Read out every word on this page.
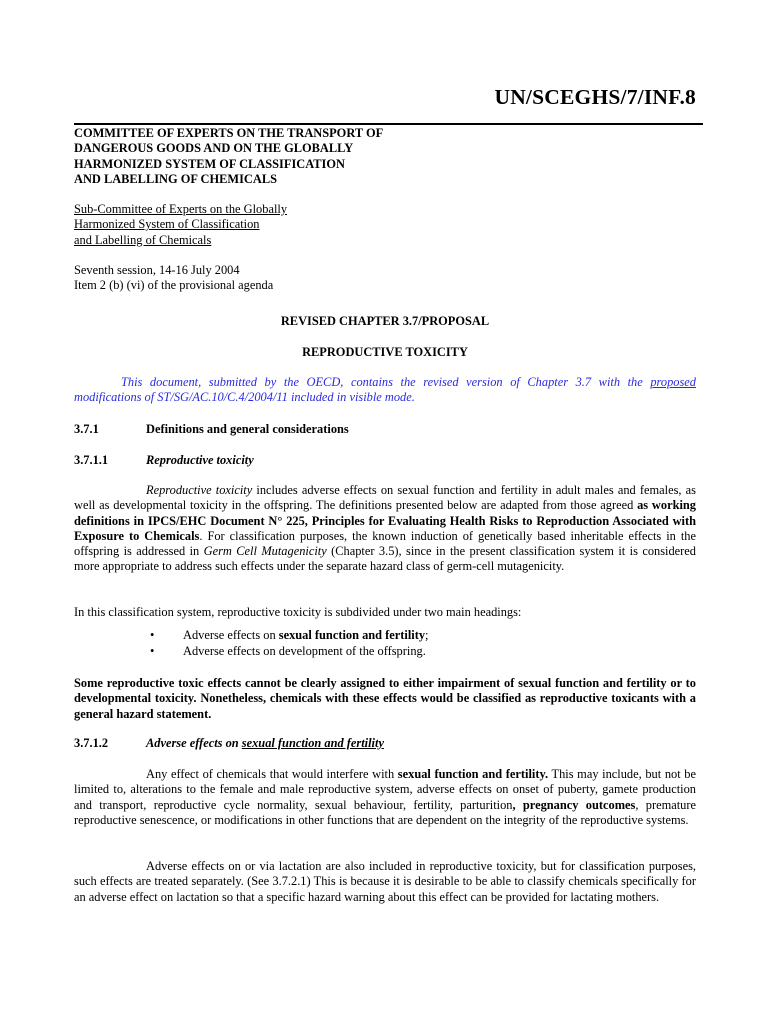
UN/SCEGHS/7/INF.8
COMMITTEE OF EXPERTS ON THE TRANSPORT OF
DANGEROUS GOODS AND ON THE GLOBALLY
HARMONIZED SYSTEM OF CLASSIFICATION
AND LABELLING OF CHEMICALS
Sub-Committee of Experts on the Globally
Harmonized System of Classification
and Labelling of Chemicals
Seventh session, 14-16 July 2004
Item 2 (b) (vi) of the provisional agenda
REVISED CHAPTER 3.7/PROPOSAL
REPRODUCTIVE TOXICITY
This document, submitted by the OECD, contains the revised version of Chapter 3.7 with the proposed modifications of ST/SG/AC.10/C.4/2004/11 included in visible mode.
3.7.1	Definitions and general considerations
3.7.1.1	Reproductive toxicity
Reproductive toxicity includes adverse effects on sexual function and fertility in adult males and females, as well as developmental toxicity in the offspring. The definitions presented below are adapted from those agreed as working definitions in IPCS/EHC Document N° 225, Principles for Evaluating Health Risks to Reproduction Associated with Exposure to Chemicals. For classification purposes, the known induction of genetically based inheritable effects in the offspring is addressed in Germ Cell Mutagenicity (Chapter 3.5), since in the present classification system it is considered more appropriate to address such effects under the separate hazard class of germ-cell mutagenicity.
In this classification system, reproductive toxicity is subdivided under two main headings:
•	Adverse effects on sexual function and fertility;
•	Adverse effects on development of the offspring.
Some reproductive toxic effects cannot be clearly assigned to either impairment of sexual function and fertility or to developmental toxicity. Nonetheless, chemicals with these effects would be classified as reproductive toxicants with a general hazard statement.
3.7.1.2	Adverse effects on sexual function and fertility
Any effect of chemicals that would interfere with sexual function and fertility. This may include, but not be limited to, alterations to the female and male reproductive system, adverse effects on onset of puberty, gamete production and transport, reproductive cycle normality, sexual behaviour, fertility, parturition, pregnancy outcomes, premature reproductive senescence, or modifications in other functions that are dependent on the integrity of the reproductive systems.
Adverse effects on or via lactation are also included in reproductive toxicity, but for classification purposes, such effects are treated separately. (See 3.7.2.1) This is because it is desirable to be able to classify chemicals specifically for an adverse effect on lactation so that a specific hazard warning about this effect can be provided for lactating mothers.
